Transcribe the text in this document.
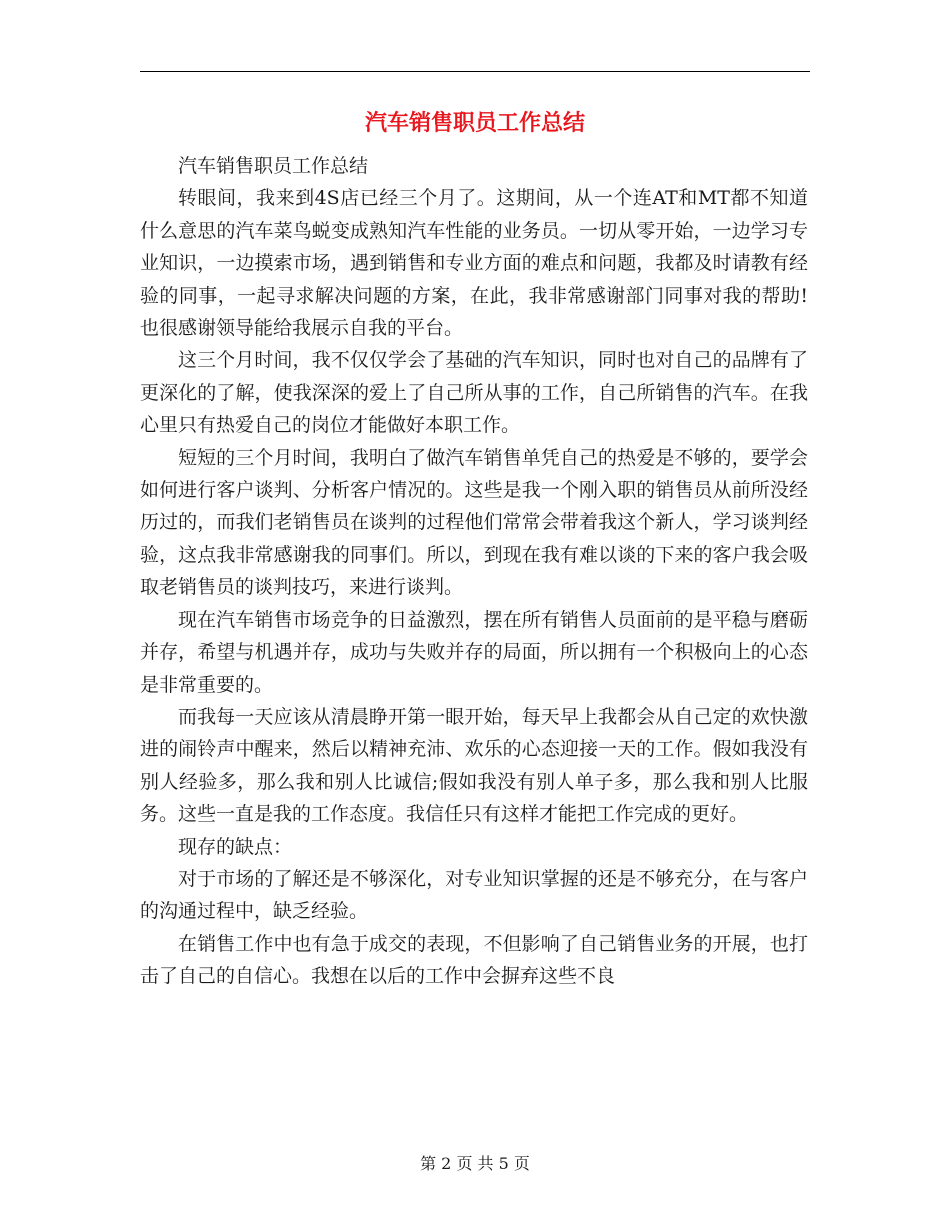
汽车销售职员工作总结

汽车销售职员工作总结

转眼间，我来到4S店已经三个月了。这期间，从一个连AT和MT都不知道什么意思的汽车菜鸟蜕变成熟知汽车性能的业务员。一切从零开始，一边学习专业知识，一边摸索市场，遇到销售和专业方面的难点和问题，我都及时请教有经验的同事，一起寻求解决问题的方案，在此，我非常感谢部门同事对我的帮助!也很感谢领导能给我展示自我的平台。

这三个月时间，我不仅仅学会了基础的汽车知识，同时也对自己的品牌有了更深化的了解，使我深深的爱上了自己所从事的工作，自己所销售的汽车。在我心里只有热爱自己的岗位才能做好本职工作。

短短的三个月时间，我明白了做汽车销售单凭自己的热爱是不够的，要学会如何进行客户谈判、分析客户情况的。这些是我一个刚入职的销售员从前所没经历过的，而我们老销售员在谈判的过程他们常常会带着我这个新人，学习谈判经验，这点我非常感谢我的同事们。所以，到现在我有难以谈的下来的客户我会吸取老销售员的谈判技巧，来进行谈判。

现在汽车销售市场竞争的日益激烈，摆在所有销售人员面前的是平稳与磨砺并存，希望与机遇并存，成功与失败并存的局面，所以拥有一个积极向上的心态是非常重要的。

而我每一天应该从清晨睁开第一眼开始，每天早上我都会从自己定的欢快激进的闹铃声中醒来，然后以精神充沛、欢乐的心态迎接一天的工作。假如我没有别人经验多，那么我和别人比诚信;假如我没有别人单子多，那么我和别人比服务。这些一直是我的工作态度。我信任只有这样才能把工作完成的更好。

现存的缺点：

对于市场的了解还是不够深化，对专业知识掌握的还是不够充分，在与客户的沟通过程中，缺乏经验。

在销售工作中也有急于成交的表现，不但影响了自己销售业务的开展，也打击了自己的自信心。我想在以后的工作中会摒弃这些不良

第 2 页 共 5 页
